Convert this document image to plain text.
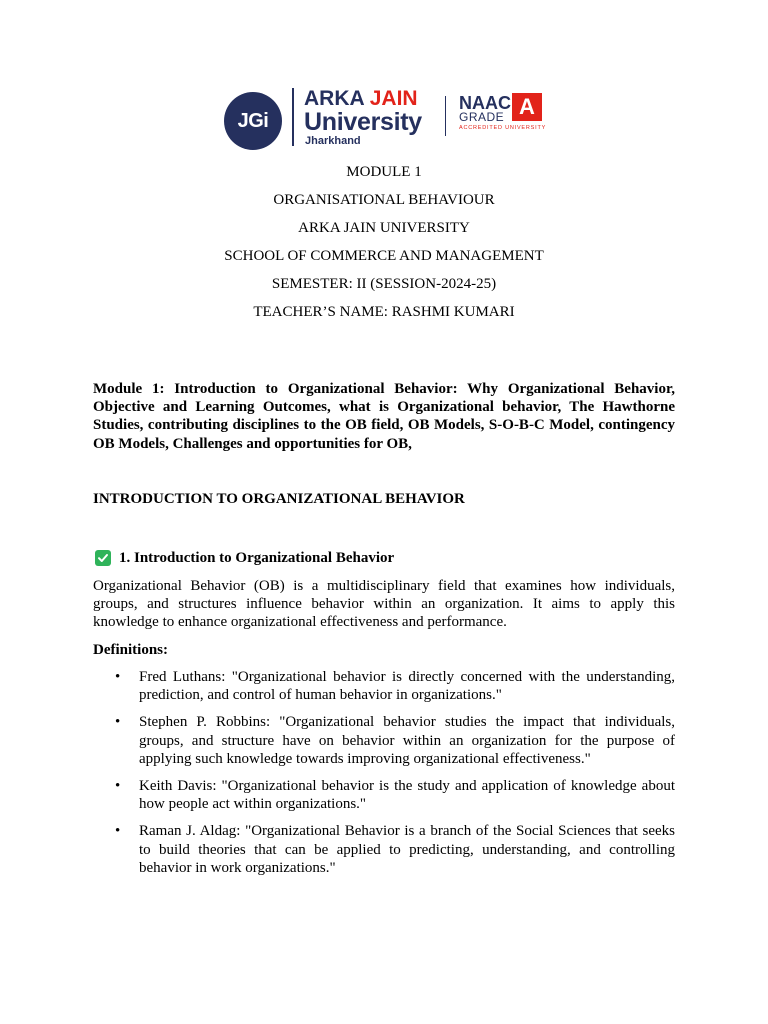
JGi
ARKA JAIN
University
Jharkhand
NAAC
GRADE A
ACCREDITED UNIVERSITY

MODULE 1

ORGANISATIONAL BEHAVIOUR

ARKA JAIN UNIVERSITY

SCHOOL OF COMMERCE AND MANAGEMENT

SEMESTER: II (SESSION-2024-25)

TEACHER’S NAME: RASHMI KUMARI

Module 1: Introduction to Organizational Behavior: Why Organizational Behavior, Objective and Learning Outcomes, what is Organizational behavior, The Hawthorne Studies, contributing disciplines to the OB field, OB Models, S-O-B-C Model, contingency OB Models, Challenges and opportunities for OB,
INTRODUCTION TO ORGANIZATIONAL BEHAVIOR
1. Introduction to Organizational Behavior
Organizational Behavior (OB) is a multidisciplinary field that examines how individuals, groups, and structures influence behavior within an organization. It aims to apply this knowledge to enhance organizational effectiveness and performance.
Definitions:
• Fred Luthans: "Organizational behavior is directly concerned with the understanding, prediction, and control of human behavior in organizations."
• Stephen P. Robbins: "Organizational behavior studies the impact that individuals, groups, and structure have on behavior within an organization for the purpose of applying such knowledge towards improving organizational effectiveness."
• Keith Davis: "Organizational behavior is the study and application of knowledge about how people act within organizations."
• Raman J. Aldag: "Organizational Behavior is a branch of the Social Sciences that seeks to build theories that can be applied to predicting, understanding, and controlling behavior in work organizations."
